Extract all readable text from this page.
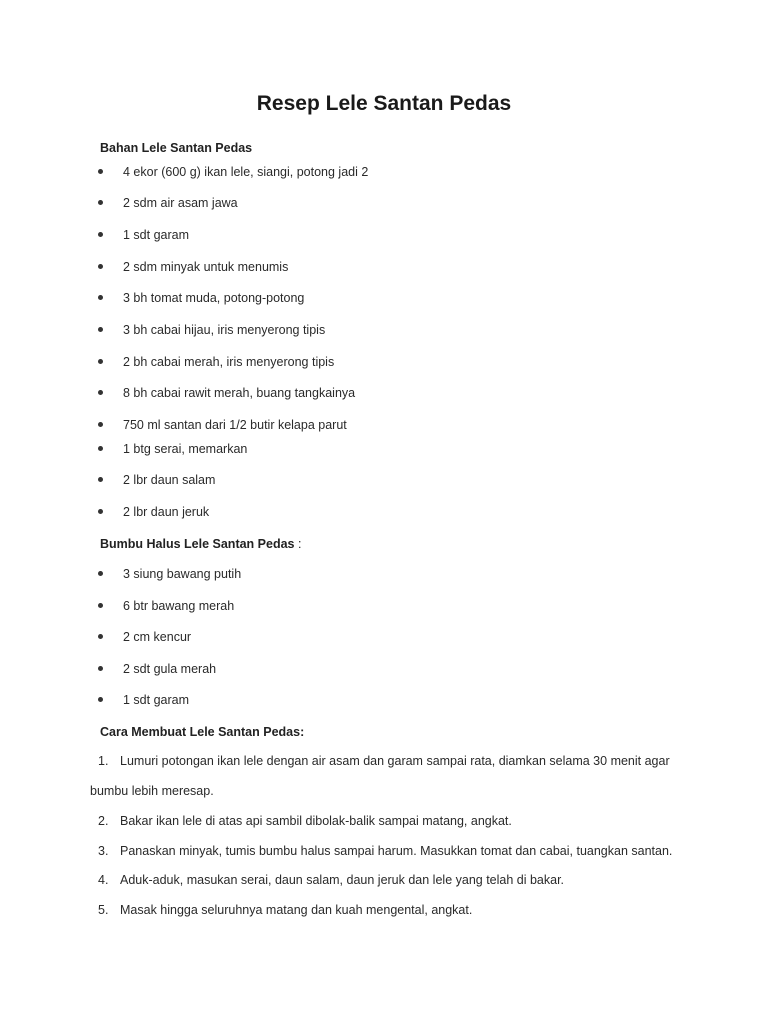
Resep Lele Santan Pedas
Bahan Lele Santan Pedas
4 ekor (600 g) ikan lele, siangi, potong jadi 2
2 sdm air asam jawa
1 sdt garam
2 sdm minyak untuk menumis
3 bh tomat muda, potong-potong
3 bh cabai hijau, iris menyerong tipis
2 bh cabai merah, iris menyerong tipis
8 bh cabai rawit merah, buang tangkainya
750 ml santan dari 1/2 butir kelapa parut
1 btg serai, memarkan
2 lbr daun salam
2 lbr daun jeruk
Bumbu Halus Lele Santan Pedas :
3 siung bawang putih
6 btr bawang merah
2 cm kencur
2 sdt gula merah
1 sdt garam
Cara Membuat Lele Santan Pedas:
1. Lumuri potongan ikan lele dengan air asam dan garam sampai rata, diamkan selama 30 menit agar
bumbu lebih meresap.
2. Bakar ikan lele di atas api sambil dibolak-balik sampai matang, angkat.
3. Panaskan minyak, tumis bumbu halus sampai harum. Masukkan tomat dan cabai, tuangkan santan.
4. Aduk-aduk, masukan serai, daun salam, daun jeruk dan lele yang telah di bakar.
5. Masak hingga seluruhnya matang dan kuah mengental, angkat.
